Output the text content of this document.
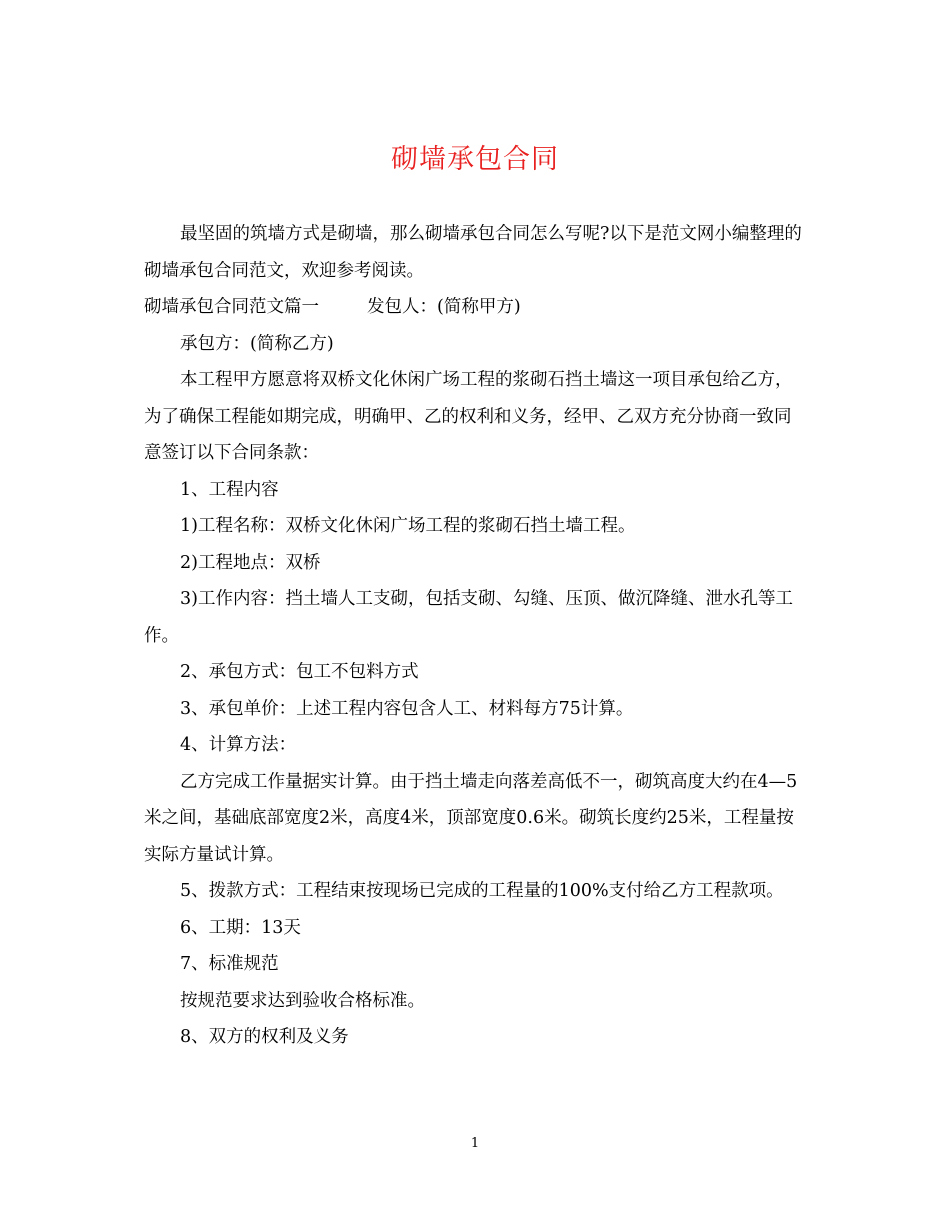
砌墙承包合同

最坚固的筑墙方式是砌墙，那么砌墙承包合同怎么写呢?以下是范文网小编整理的砌墙承包合同范文，欢迎参考阅读。

砌墙承包合同范文篇一	发包人：(简称甲方)

承包方：(简称乙方)

本工程甲方愿意将双桥文化休闲广场工程的浆砌石挡土墙这一项目承包给乙方，为了确保工程能如期完成，明确甲、乙的权利和义务，经甲、乙双方充分协商一致同意签订以下合同条款：

1、工程内容

1)工程名称：双桥文化休闲广场工程的浆砌石挡土墙工程。

2)工程地点：双桥

3)工作内容：挡土墙人工支砌，包括支砌、勾缝、压顶、做沉降缝、泄水孔等工作。

2、承包方式：包工不包料方式

3、承包单价：上述工程内容包含人工、材料每方75计算。

4、计算方法：

乙方完成工作量据实计算。由于挡土墙走向落差高低不一，砌筑高度大约在4—5米之间，基础底部宽度2米，高度4米，顶部宽度0.6米。砌筑长度约25米，工程量按实际方量试计算。

5、拨款方式：工程结束按现场已完成的工程量的100%支付给乙方工程款项。

6、工期：13天

7、标准规范

按规范要求达到验收合格标准。

8、双方的权利及义务

1
